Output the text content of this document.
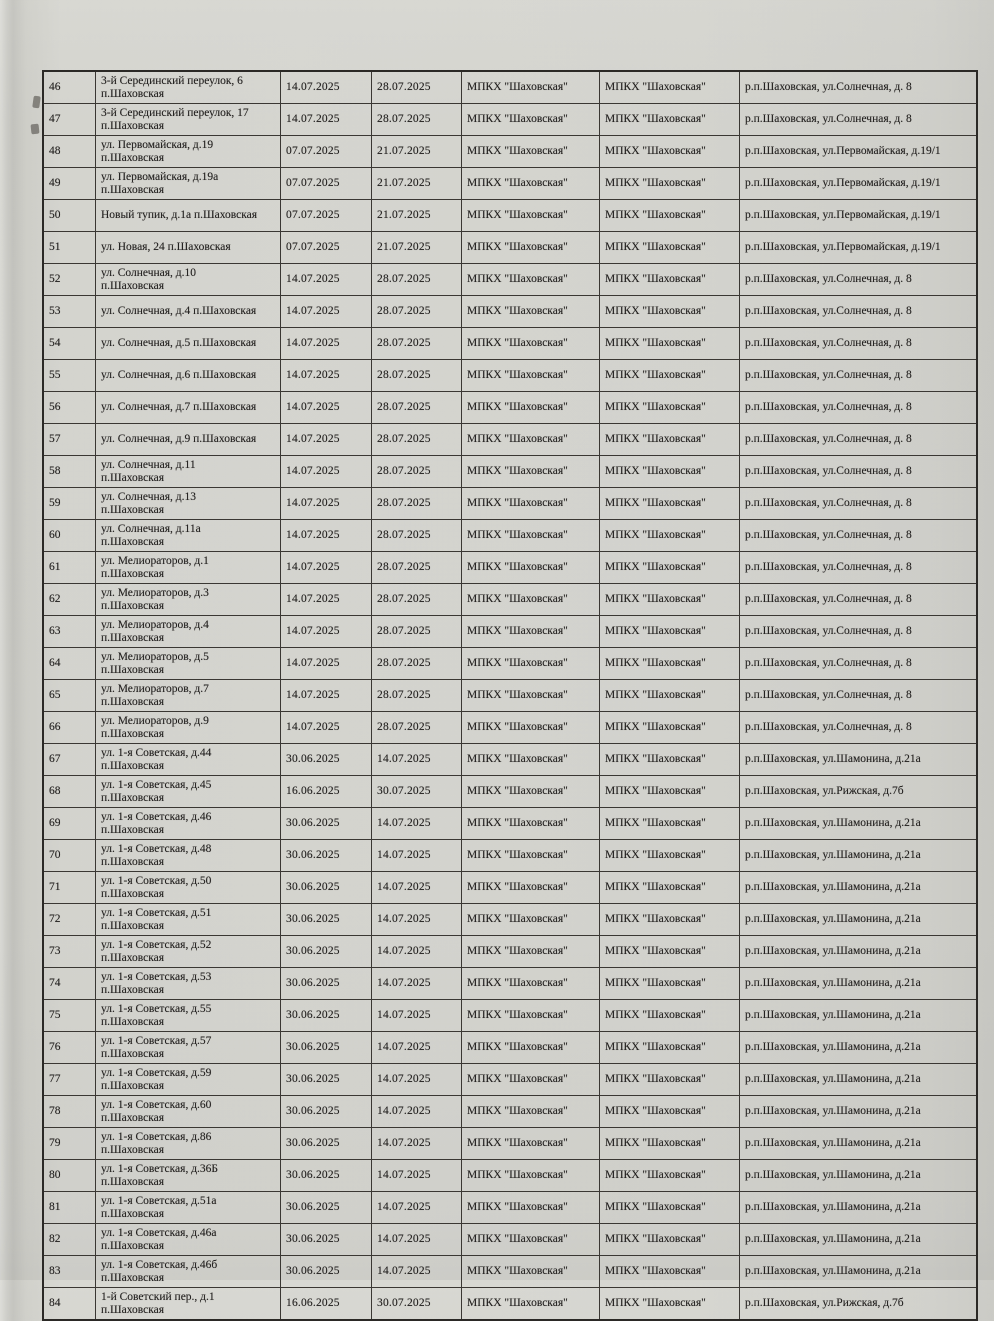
46	3-й Серединский переулок, 6
п.Шаховская	14.07.2025	28.07.2025	МПКХ "Шаховская"	МПКХ "Шаховская"	р.п.Шаховская, ул.Солнечная, д. 8
47	3-й Серединский переулок, 17
п.Шаховская	14.07.2025	28.07.2025	МПКХ "Шаховская"	МПКХ "Шаховская"	р.п.Шаховская, ул.Солнечная, д. 8
48	ул. Первомайская, д.19
п.Шаховская	07.07.2025	21.07.2025	МПКХ "Шаховская"	МПКХ "Шаховская"	р.п.Шаховская, ул.Первомайская, д.19/1
49	ул. Первомайская, д.19а
п.Шаховская	07.07.2025	21.07.2025	МПКХ "Шаховская"	МПКХ "Шаховская"	р.п.Шаховская, ул.Первомайская, д.19/1
50	Новый тупик, д.1а п.Шаховская	07.07.2025	21.07.2025	МПКХ "Шаховская"	МПКХ "Шаховская"	р.п.Шаховская, ул.Первомайская, д.19/1
51	ул. Новая, 24 п.Шаховская	07.07.2025	21.07.2025	МПКХ "Шаховская"	МПКХ "Шаховская"	р.п.Шаховская, ул.Первомайская, д.19/1
52	ул. Солнечная, д.10
п.Шаховская	14.07.2025	28.07.2025	МПКХ "Шаховская"	МПКХ "Шаховская"	р.п.Шаховская, ул.Солнечная, д. 8
53	ул. Солнечная, д.4 п.Шаховская	14.07.2025	28.07.2025	МПКХ "Шаховская"	МПКХ "Шаховская"	р.п.Шаховская, ул.Солнечная, д. 8
54	ул. Солнечная, д.5 п.Шаховская	14.07.2025	28.07.2025	МПКХ "Шаховская"	МПКХ "Шаховская"	р.п.Шаховская, ул.Солнечная, д. 8
55	ул. Солнечная, д.6 п.Шаховская	14.07.2025	28.07.2025	МПКХ "Шаховская"	МПКХ "Шаховская"	р.п.Шаховская, ул.Солнечная, д. 8
56	ул. Солнечная, д.7 п.Шаховская	14.07.2025	28.07.2025	МПКХ "Шаховская"	МПКХ "Шаховская"	р.п.Шаховская, ул.Солнечная, д. 8
57	ул. Солнечная, д.9 п.Шаховская	14.07.2025	28.07.2025	МПКХ "Шаховская"	МПКХ "Шаховская"	р.п.Шаховская, ул.Солнечная, д. 8
58	ул. Солнечная, д.11
п.Шаховская	14.07.2025	28.07.2025	МПКХ "Шаховская"	МПКХ "Шаховская"	р.п.Шаховская, ул.Солнечная, д. 8
59	ул. Солнечная, д.13
п.Шаховская	14.07.2025	28.07.2025	МПКХ "Шаховская"	МПКХ "Шаховская"	р.п.Шаховская, ул.Солнечная, д. 8
60	ул. Солнечная, д.11а
п.Шаховская	14.07.2025	28.07.2025	МПКХ "Шаховская"	МПКХ "Шаховская"	р.п.Шаховская, ул.Солнечная, д. 8
61	ул. Мелиораторов, д.1
п.Шаховская	14.07.2025	28.07.2025	МПКХ "Шаховская"	МПКХ "Шаховская"	р.п.Шаховская, ул.Солнечная, д. 8
62	ул. Мелиораторов, д.3
п.Шаховская	14.07.2025	28.07.2025	МПКХ "Шаховская"	МПКХ "Шаховская"	р.п.Шаховская, ул.Солнечная, д. 8
63	ул. Мелиораторов, д.4
п.Шаховская	14.07.2025	28.07.2025	МПКХ "Шаховская"	МПКХ "Шаховская"	р.п.Шаховская, ул.Солнечная, д. 8
64	ул. Мелиораторов, д.5
п.Шаховская	14.07.2025	28.07.2025	МПКХ "Шаховская"	МПКХ "Шаховская"	р.п.Шаховская, ул.Солнечная, д. 8
65	ул. Мелиораторов, д.7
п.Шаховская	14.07.2025	28.07.2025	МПКХ "Шаховская"	МПКХ "Шаховская"	р.п.Шаховская, ул.Солнечная, д. 8
66	ул. Мелиораторов, д.9
п.Шаховская	14.07.2025	28.07.2025	МПКХ "Шаховская"	МПКХ "Шаховская"	р.п.Шаховская, ул.Солнечная, д. 8
67	ул. 1-я Советская, д.44
п.Шаховская	30.06.2025	14.07.2025	МПКХ "Шаховская"	МПКХ "Шаховская"	р.п.Шаховская, ул.Шамонина, д.21а
68	ул. 1-я Советская, д.45
п.Шаховская	16.06.2025	30.07.2025	МПКХ "Шаховская"	МПКХ "Шаховская"	р.п.Шаховская, ул.Рижская, д.7б
69	ул. 1-я Советская, д.46
п.Шаховская	30.06.2025	14.07.2025	МПКХ "Шаховская"	МПКХ "Шаховская"	р.п.Шаховская, ул.Шамонина, д.21а
70	ул. 1-я Советская, д.48
п.Шаховская	30.06.2025	14.07.2025	МПКХ "Шаховская"	МПКХ "Шаховская"	р.п.Шаховская, ул.Шамонина, д.21а
71	ул. 1-я Советская, д.50
п.Шаховская	30.06.2025	14.07.2025	МПКХ "Шаховская"	МПКХ "Шаховская"	р.п.Шаховская, ул.Шамонина, д.21а
72	ул. 1-я Советская, д.51
п.Шаховская	30.06.2025	14.07.2025	МПКХ "Шаховская"	МПКХ "Шаховская"	р.п.Шаховская, ул.Шамонина, д.21а
73	ул. 1-я Советская, д.52
п.Шаховская	30.06.2025	14.07.2025	МПКХ "Шаховская"	МПКХ "Шаховская"	р.п.Шаховская, ул.Шамонина, д.21а
74	ул. 1-я Советская, д.53
п.Шаховская	30.06.2025	14.07.2025	МПКХ "Шаховская"	МПКХ "Шаховская"	р.п.Шаховская, ул.Шамонина, д.21а
75	ул. 1-я Советская, д.55
п.Шаховская	30.06.2025	14.07.2025	МПКХ "Шаховская"	МПКХ "Шаховская"	р.п.Шаховская, ул.Шамонина, д.21а
76	ул. 1-я Советская, д.57
п.Шаховская	30.06.2025	14.07.2025	МПКХ "Шаховская"	МПКХ "Шаховская"	р.п.Шаховская, ул.Шамонина, д.21а
77	ул. 1-я Советская, д.59
п.Шаховская	30.06.2025	14.07.2025	МПКХ "Шаховская"	МПКХ "Шаховская"	р.п.Шаховская, ул.Шамонина, д.21а
78	ул. 1-я Советская, д.60
п.Шаховская	30.06.2025	14.07.2025	МПКХ "Шаховская"	МПКХ "Шаховская"	р.п.Шаховская, ул.Шамонина, д.21а
79	ул. 1-я Советская, д.86
п.Шаховская	30.06.2025	14.07.2025	МПКХ "Шаховская"	МПКХ "Шаховская"	р.п.Шаховская, ул.Шамонина, д.21а
80	ул. 1-я Советская, д.36Б
п.Шаховская	30.06.2025	14.07.2025	МПКХ "Шаховская"	МПКХ "Шаховская"	р.п.Шаховская, ул.Шамонина, д.21а
81	ул. 1-я Советская, д.51а
п.Шаховская	30.06.2025	14.07.2025	МПКХ "Шаховская"	МПКХ "Шаховская"	р.п.Шаховская, ул.Шамонина, д.21а
82	ул. 1-я Советская, д.46а
п.Шаховская	30.06.2025	14.07.2025	МПКХ "Шаховская"	МПКХ "Шаховская"	р.п.Шаховская, ул.Шамонина, д.21а
83	ул. 1-я Советская, д.46б
п.Шаховская	30.06.2025	14.07.2025	МПКХ "Шаховская"	МПКХ "Шаховская"	р.п.Шаховская, ул.Шамонина, д.21а
84	1-й Советский пер., д.1
п.Шаховская	16.06.2025	30.07.2025	МПКХ "Шаховская"	МПКХ "Шаховская"	р.п.Шаховская, ул.Рижская, д.7б
